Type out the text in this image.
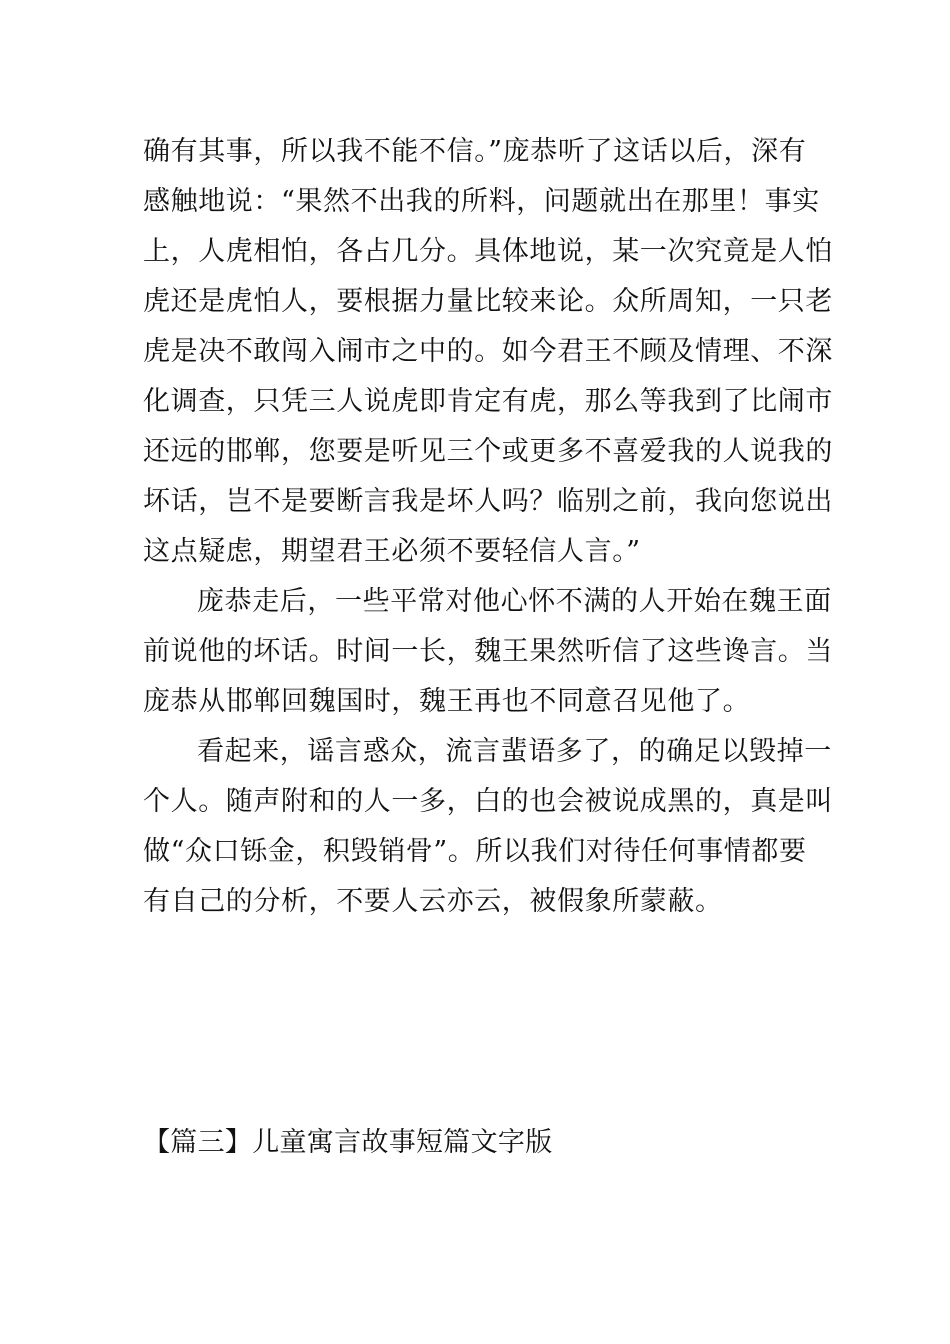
确有其事，所以我不能不信。”庞恭听了这话以后，深有
感触地说：“果然不出我的所料，问题就出在那里！事实
上，人虎相怕，各占几分。具体地说，某一次究竟是人怕
虎还是虎怕人，要根据力量比较来论。众所周知，一只老
虎是决不敢闯入闹市之中的。如今君王不顾及情理、不深
化调查，只凭三人说虎即肯定有虎，那么等我到了比闹市
还远的邯郸，您要是听见三个或更多不喜爱我的人说我的
坏话，岂不是要断言我是坏人吗？临别之前，我向您说出
这点疑虑，期望君王必须不要轻信人言。”
庞恭走后，一些平常对他心怀不满的人开始在魏王面
前说他的坏话。时间一长，魏王果然听信了这些谗言。当
庞恭从邯郸回魏国时，魏王再也不同意召见他了。
看起来，谣言惑众，流言蜚语多了，的确足以毁掉一
个人。随声附和的人一多，白的也会被说成黑的，真是叫
做“众口铄金，积毁销骨”。所以我们对待任何事情都要
有自己的分析，不要人云亦云，被假象所蒙蔽。
【篇三】儿童寓言故事短篇文字版
